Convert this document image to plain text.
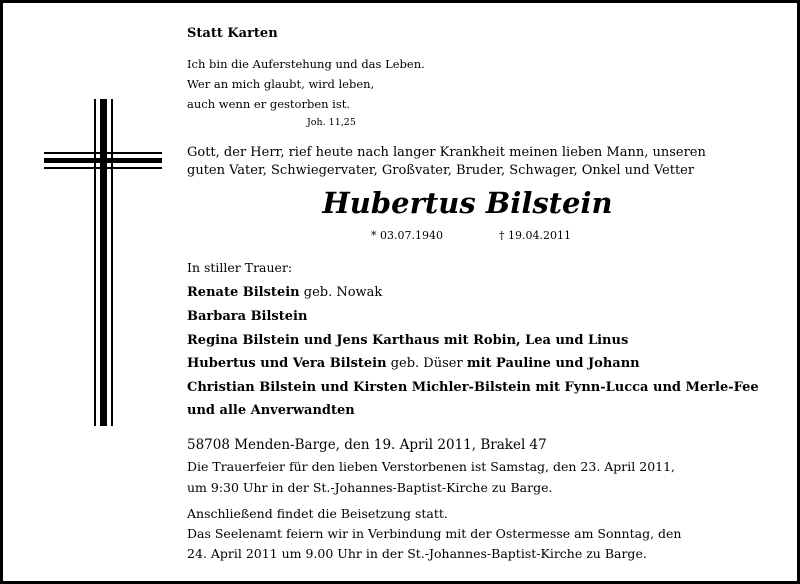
Statt Karten
Ich bin die Auferstehung und das Leben.
Wer an mich glaubt, wird leben,
auch wenn er gestorben ist.
Joh. 11,25
Gott, der Herr, rief heute nach langer Krankheit meinen lieben Mann, unseren
guten Vater, Schwiegervater, Großvater, Bruder, Schwager, Onkel und Vetter
Hubertus Bilstein
* 03.07.1940	† 19.04.2011
In stiller Trauer:
Renate Bilstein geb. Nowak
Barbara Bilstein
Regina Bilstein und Jens Karthaus mit Robin, Lea und Linus
Hubertus und Vera Bilstein geb. Düser mit Pauline und Johann
Christian Bilstein und Kirsten Michler-Bilstein mit Fynn-Lucca und Merle-Fee
und alle Anverwandten
58708 Menden-Barge, den 19. April 2011, Brakel 47
Die Trauerfeier für den lieben Verstorbenen ist Samstag, den 23. April 2011,
um 9:30 Uhr in der St.-Johannes-Baptist-Kirche zu Barge.
Anschließend findet die Beisetzung statt.
Das Seelenamt feiern wir in Verbindung mit der Ostermesse am Sonntag, den
24. April 2011 um 9.00 Uhr in der St.-Johannes-Baptist-Kirche zu Barge.
